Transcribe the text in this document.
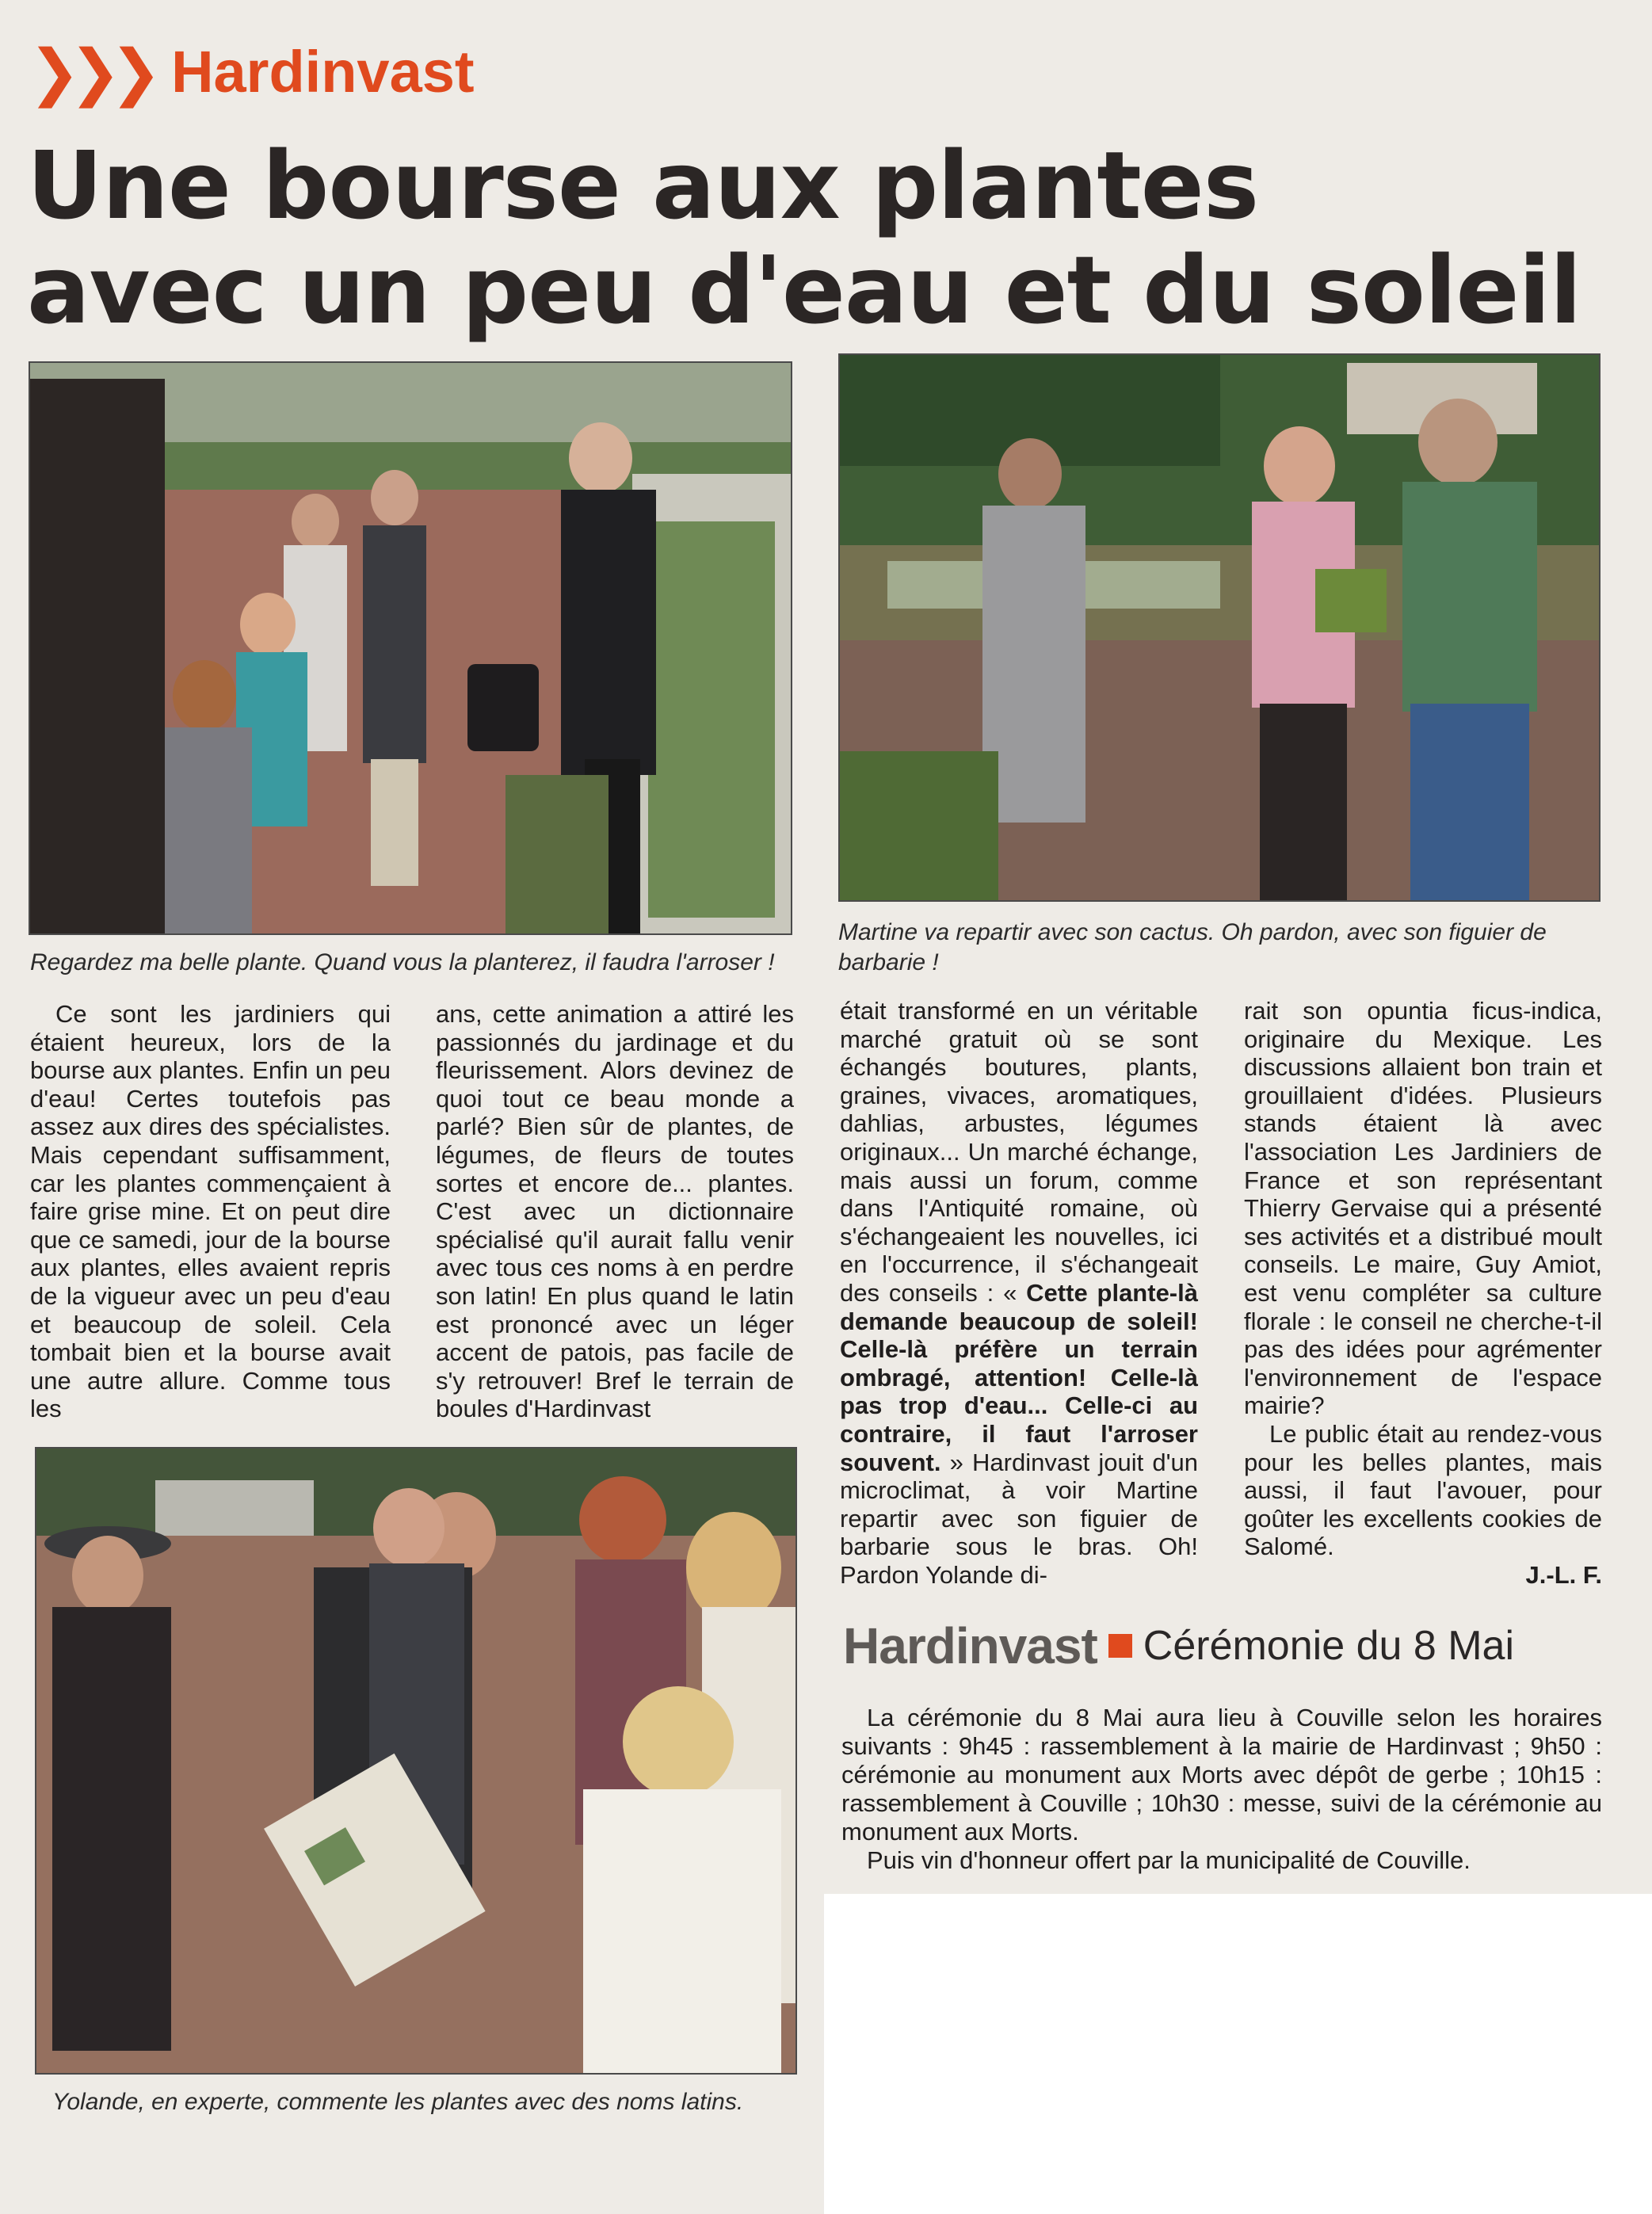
❯❯❯ Hardinvast
Une bourse aux plantes
avec un peu d'eau et du soleil
Regardez ma belle plante. Quand vous la planterez, il faudra l'arroser !
Martine va repartir avec son cactus. Oh pardon, avec son figuier de barbarie !

Ce sont les jardiniers qui étaient heureux, lors de la bourse aux plantes. Enfin un peu d'eau! Certes toutefois pas assez aux dires des spécialistes. Mais cependant suffisamment, car les plantes commençaient à faire grise mine. Et on peut dire que ce samedi, jour de la bourse aux plantes, elles avaient repris de la vigueur avec un peu d'eau et beaucoup de soleil. Cela tombait bien et la bourse avait une autre allure. Comme tous les

ans, cette animation a attiré les passionnés du jardinage et du fleurissement. Alors devinez de quoi tout ce beau monde a parlé? Bien sûr de plantes, de légumes, de fleurs de toutes sortes et encore de... plantes. C'est avec un dictionnaire spécialisé qu'il aurait fallu venir avec tous ces noms à en perdre son latin! En plus quand le latin est prononcé avec un léger accent de patois, pas facile de s'y retrouver! Bref le terrain de boules d'Hardinvast

était transformé en un véritable marché gratuit où se sont échangés boutures, plants, graines, vivaces, aromatiques, dahlias, arbustes, légumes originaux... Un marché échange, mais aussi un forum, comme dans l'Antiquité romaine, où s'échangeaient les nouvelles, ici en l'occurrence, il s'échangeait des conseils : « Cette plante-là demande beaucoup de soleil! Celle-là préfère un terrain ombragé, attention! Celle-là pas trop d'eau... Celle-ci au contraire, il faut l'arroser souvent. » Hardinvast jouit d'un microclimat, à voir Martine repartir avec son figuier de barbarie sous le bras. Oh! Pardon Yolande di-

rait son opuntia ficus-indica, originaire du Mexique. Les discussions allaient bon train et grouillaient d'idées. Plusieurs stands étaient là avec l'association Les Jardiniers de France et son représentant Thierry Gervaise qui a présenté ses activités et a distribué moult conseils. Le maire, Guy Amiot, est venu compléter sa culture florale : le conseil ne cherche-t-il pas des idées pour agrémenter l'environnement de l'espace mairie?

Le public était au rendez-vous pour les belles plantes, mais aussi, il faut l'avouer, pour goûter les excellents cookies de Salomé.

J.-L. F.

Yolande, en experte, commente les plantes avec des noms latins.
Hardinvast Cérémonie du 8 Mai

La cérémonie du 8 Mai aura lieu à Couville selon les horaires suivants : 9h45 : rassemblement à la mairie de Hardinvast ; 9h50 : cérémonie au monument aux Morts avec dépôt de gerbe ; 10h15 : rassemblement à Couville ; 10h30 : messe, suivi de la cérémonie au monument aux Morts.

Puis vin d'honneur offert par la municipalité de Couville.
